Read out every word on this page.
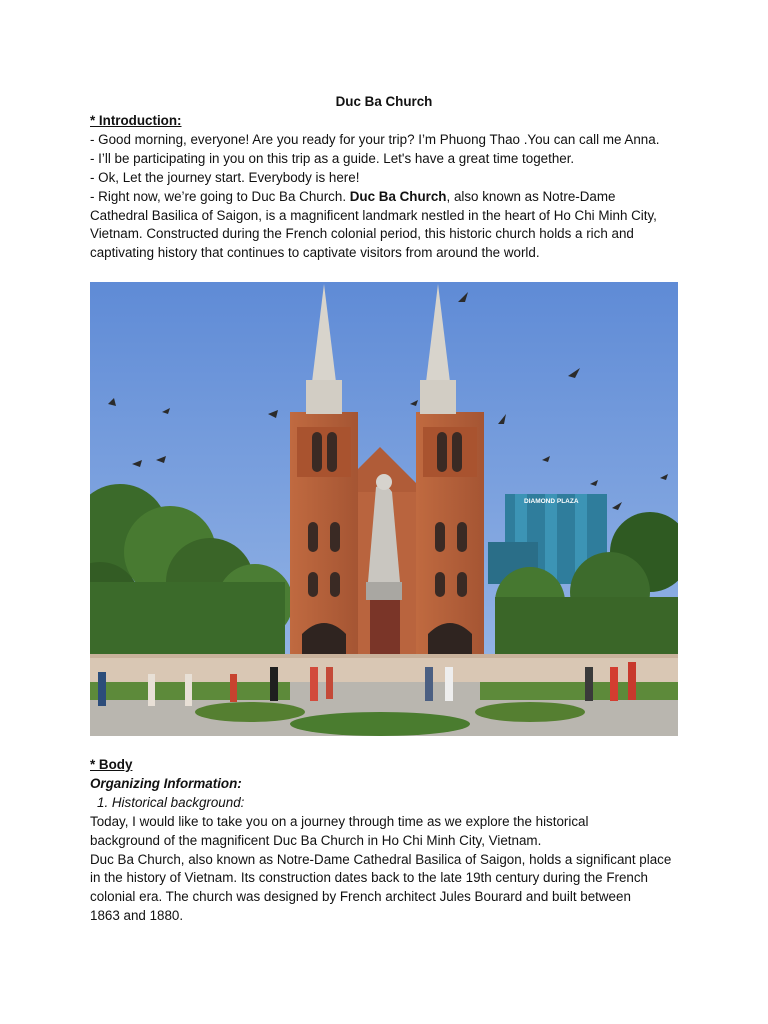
Duc Ba Church
* Introduction:
- Good morning, everyone! Are you ready for your trip? I’m Phuong Thao .You can call me Anna.
- I’ll be participating in you on this trip as a guide. Let's have a great time together.
- Ok, Let the journey start. Everybody is here!
- Right now, we’re going to Duc Ba Church. Duc Ba Church, also known as Notre-Dame
Cathedral Basilica of Saigon, is a magnificent landmark nestled in the heart of Ho Chi Minh City,
Vietnam. Constructed during the French colonial period, this historic church holds a rich and
captivating history that continues to captivate visitors from around the world.
DIAMOND PLAZA
* Body
Organizing Information:
1. Historical background:
Today, I would like to take you on a journey through time as we explore the historical
background of the magnificent Duc Ba Church in Ho Chi Minh City, Vietnam.
Duc Ba Church, also known as Notre-Dame Cathedral Basilica of Saigon, holds a significant place
in the history of Vietnam. Its construction dates back to the late 19th century during the French
colonial era. The church was designed by French architect Jules Bourard and built between
1863 and 1880.
